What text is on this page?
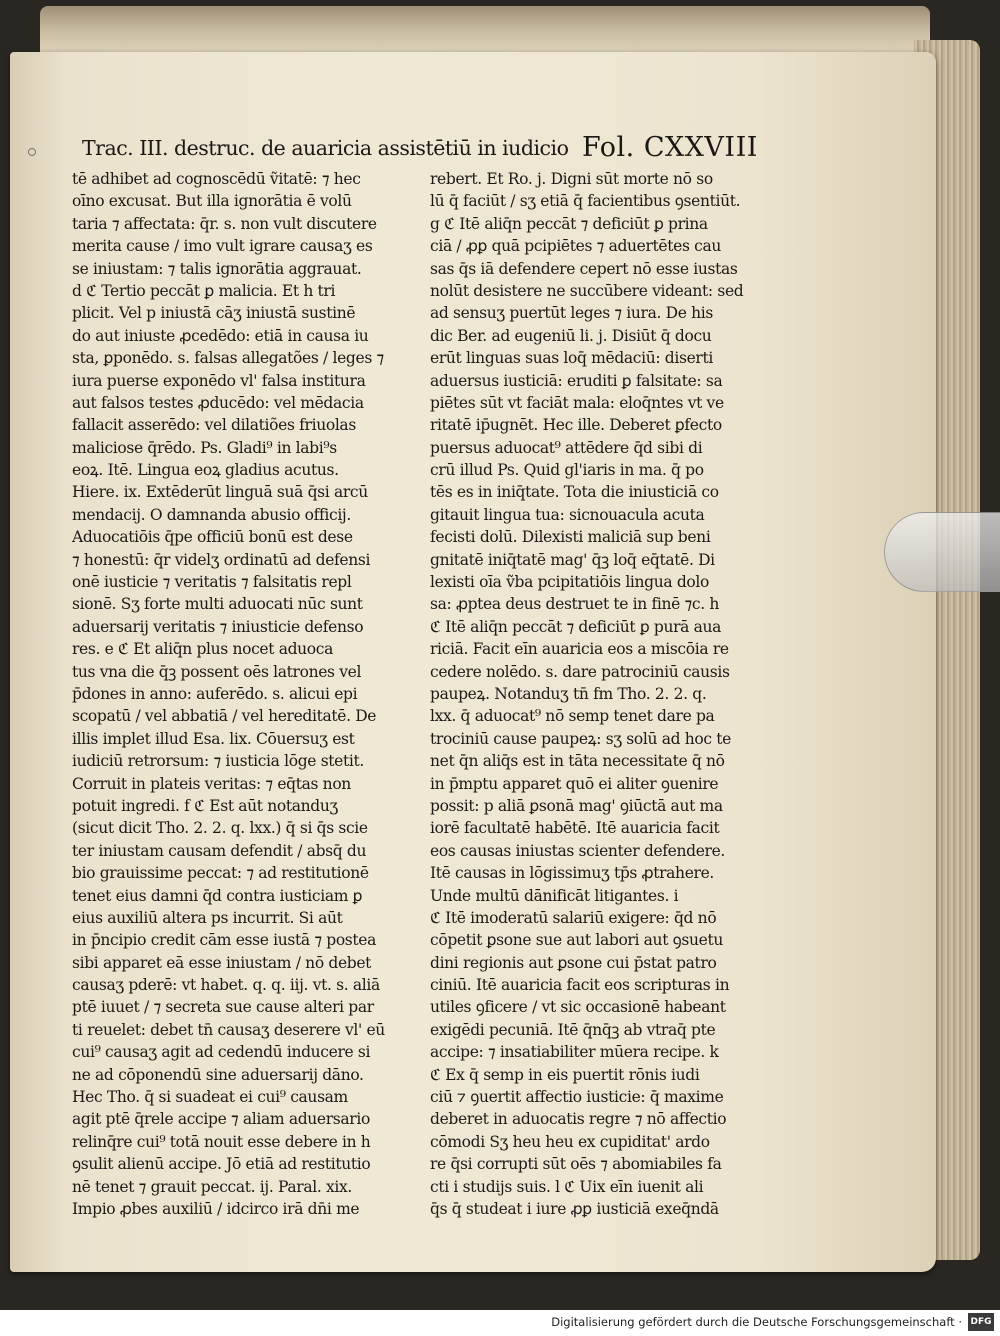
Trac. III. destruc. de auaricia assistētiū in iudicio Fol. CXXVIII
tē adhibet ad cognoscēdū ṽitatē: ⁊ hec
oīno excusat. But illa ignorātia ē volū
taria ⁊ affectata: q̄r. s. non vult discutere
merita cause / imo vult igrare causaʒ es
se iniustam: ⁊ talis ignorātia aggrauat.
d ℭ Tertio peccāt ꝑ malicia. Et h tri
plicit. Vel p iniustā cāʒ iniustā sustinē
do aut iniuste ꝓcedēdo: etiā in causa iu
sta, ꝑponēdo. s. falsas allegatões / leges ⁊
iura puerse exponēdo vl' falsa institura
aut falsos testes ꝓducēdo: vel mēdacia
fallacit asserēdo: vel dilatiões friuolas
maliciose q̄rēdo. Ps. Gladi⁹ in labi⁹s
eoꝝ. Itē. Lingua eoꝝ gladius acutus.
Hiere. ix. Extēderūt linguā suā q̄si arcū
mendacij. O damnanda abusio officij.
Aduocatiōis q̄pe officiū bonū est dese
⁊ honestū: q̄r videlʒ ordinatū ad defensi
onē iusticie ⁊ veritatis ⁊ falsitatis repl
sionē. Sʒ forte multi aduocati nūc sunt
aduersarij veritatis ⁊ iniusticie defenso
res. e ℭ Et aliq̄n plus nocet aduoca
tus vna die q̄ꝫ possent oēs latrones vel
p̄dones in anno: auferēdo. s. alicui epi
scopatū / vel abbatiā / vel hereditatē. De
illis implet illud Esa. lix. Cōuersuʒ est
iudiciū retrorsum: ⁊ iusticia lōge stetit.
Corruit in plateis veritas: ⁊ eq̄tas non
potuit ingredi. f ℭ Est aūt notanduʒ
(sicut dicit Tho. 2. 2. q. lxx.) q̄ si q̄s scie
ter iniustam causam defendit / absq̄ du
bio grauissime peccat: ⁊ ad restitutionē
tenet eius damni q̄d contra iusticiam ꝑ
eius auxiliū altera ps incurrit. Si aūt
in p̄ncipio credit cām esse iustā ⁊ postea
sibi apparet eā esse iniustam / nō debet
causaʒ pderē: vt habet. q. q. iij. vt. s. aliā
ptē iuuet / ⁊ secreta sue cause alteri par
ti reuelet: debet tn̄ causaʒ deserere vl' eū
cui⁹ causaʒ agit ad cedendū inducere si
ne ad cōponendū sine aduersarij dāno.
Hec Tho. q̄ si suadeat ei cui⁹ causam
agit ptē q̄rele accipe ⁊ aliam aduersario
relinq̄re cui⁹ totā nouit esse debere in h
ꝯsulit alienū accipe. Jō etiā ad restitutio
nē tenet ⁊ grauit peccat. ij. Paral. xix.
Impio ꝓbes auxiliū / idcirco irā dn̄i me
rebert. Et Ro. j. Digni sūt morte nō so
lū q̄ faciūt / sʒ etiā q̄ facientibus ꝯsentiūt.
g ℭ Itē aliq̄n peccāt ⁊ deficiūt ꝑ prina
ciā / ꝓꝑ quā pcipiētes ⁊ aduertētes cau
sas q̄s iā defendere cepert nō esse iustas
nolūt desistere ne succūbere videant: sed
ad sensuʒ puertūt leges ⁊ iura. De his
dic Ber. ad eugeniū li. j. Disiūt q̄ docu
erūt linguas suas loq̄ mēdaciū: diserti
aduersus iusticiā: eruditi ꝑ falsitate: sa
piētes sūt vt faciāt mala: eloq̄ntes vt ve
ritatē ip̄ugnēt. Hec ille. Deberet ꝑfecto
puersus aduocat⁹ attēdere q̄d sibi di
crū illud Ps. Quid gl'iaris in ma. q̄ po
tēs es in iniq̄tate. Tota die iniusticiā co
gitauit lingua tua: sicnouacula acuta
fecisti dolū. Dilexisti maliciā sup beni
gnitatē iniq̄tatē mag' q̄ꝫ loq̄ eq̄tatē. Di
lexisti oīa ṽba pcipitatiōis lingua dolo
sa: ꝓptea deus destruet te in finē ⁊c. h
ℭ Itē aliq̄n peccāt ⁊ deficiūt ꝑ purā aua
riciā. Facit eīn auaricia eos a miscōia re
cedere nolēdo. s. dare patrociniū causis
paupeꝝ. Notanduʒ tn̄ fm Tho. 2. 2. q.
lxx. q̄ aduocat⁹ nō semp tenet dare pa
trociniū cause paupeꝝ: sʒ solū ad hoc te
net q̄n aliq̄s est in tāta necessitate q̄ nō
in p̄mptu apparet quō ei aliter ꝯuenire
possit: p aliā ꝑsonā mag' ꝯiūctā aut ma
iorē facultatē habētē. Itē auaricia facit
eos causas iniustas scienter defendere.
Itē causas in lōgissimuʒ tp̄s ꝓtrahere.
Unde multū dānificāt litigantes. i
ℭ Itē imoderatū salariū exigere: q̄d nō
cōpetit ꝑsone sue aut labori aut ꝯsuetu
dini regionis aut ꝑsone cui p̄stat patro
ciniū. Itē auaricia facit eos scripturas in
utiles ꝯficere / vt sic occasionē habeant
exigēdi pecuniā. Itē q̄nq̄ꝫ ab vtraq̄ pte
accipe: ⁊ insatiabiliter mūera recipe. k
ℭ Ex q̄ semp in eis puertit rōnis iudi
ciū ⁊ ꝯuertit affectio iusticie: q̄ maxime
deberet in aduocatis regre ⁊ nō affectio
cōmodi Sʒ heu heu ex cupiditat' ardo
re q̄si corrupti sūt oēs ⁊ abomiabiles fa
cti i studijs suis. l ℭ Uix eīn iuenit ali
q̄s q̄ studeat i iure ꝓꝑ iusticiā exeq̄ndā
Digitalisierung gefördert durch die Deutsche Forschungsgemeinschaft · DFG
